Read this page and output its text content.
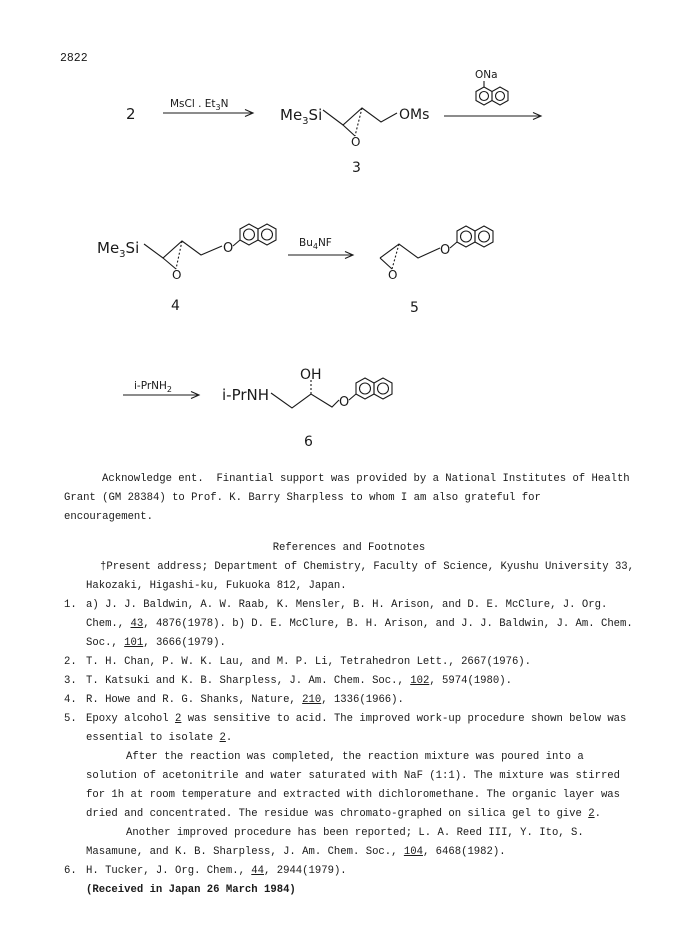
2822
2
MsCl . $Et_3N$
$Me_3Si$
O
OMs
3
ONa
$Me_3Si$
O
O
4
$Bu_4NF$
O
O
5
i-PrNH$_2$	i-PrNH
OH
O
6

Acknowledge ent. Finantial support was provided by a National Institutes of Health Grant (GM 28384) to Prof. K. Barry Sharpless to whom I am also grateful for encouragement.

References and Footnotes

†Present address; Department of Chemistry, Faculty of Science, Kyushu University 33, Hakozaki, Higashi-ku, Fukuoka 812, Japan.

1. a) J. J. Baldwin, A. W. Raab, K. Mensler, B. H. Arison, and D. E. McClure, J. Org. Chem., 43, 4876(1978). b) D. E. McClure, B. H. Arison, and J. J. Baldwin, J. Am. Chem. Soc., 101, 3666(1979).
2. T. H. Chan, P. W. K. Lau, and M. P. Li, Tetrahedron Lett., 2667(1976).
3. T. Katsuki and K. B. Sharpless, J. Am. Chem. Soc., 102, 5974(1980).
4. R. Howe and R. G. Shanks, Nature, 210, 1336(1966).
5. Epoxy alcohol 2 was sensitive to acid. The improved work-up procedure shown below was essential to isolate 2.

After the reaction was completed, the reaction mixture was poured into a solution of acetonitrile and water saturated with NaF (1:1). The mixture was stirred for 1h at room temperature and extracted with dichloromethane. The organic layer was dried and concentrated. The residue was chromato-graphed on silica gel to give 2.

Another improved procedure has been reported; L. A. Reed III, Y. Ito, S. Masamune, and K. B. Sharpless, J. Am. Chem. Soc., 104, 6468(1982).

6. H. Tucker, J. Org. Chem., 44, 2944(1979).

(Received in Japan 26 March 1984)
